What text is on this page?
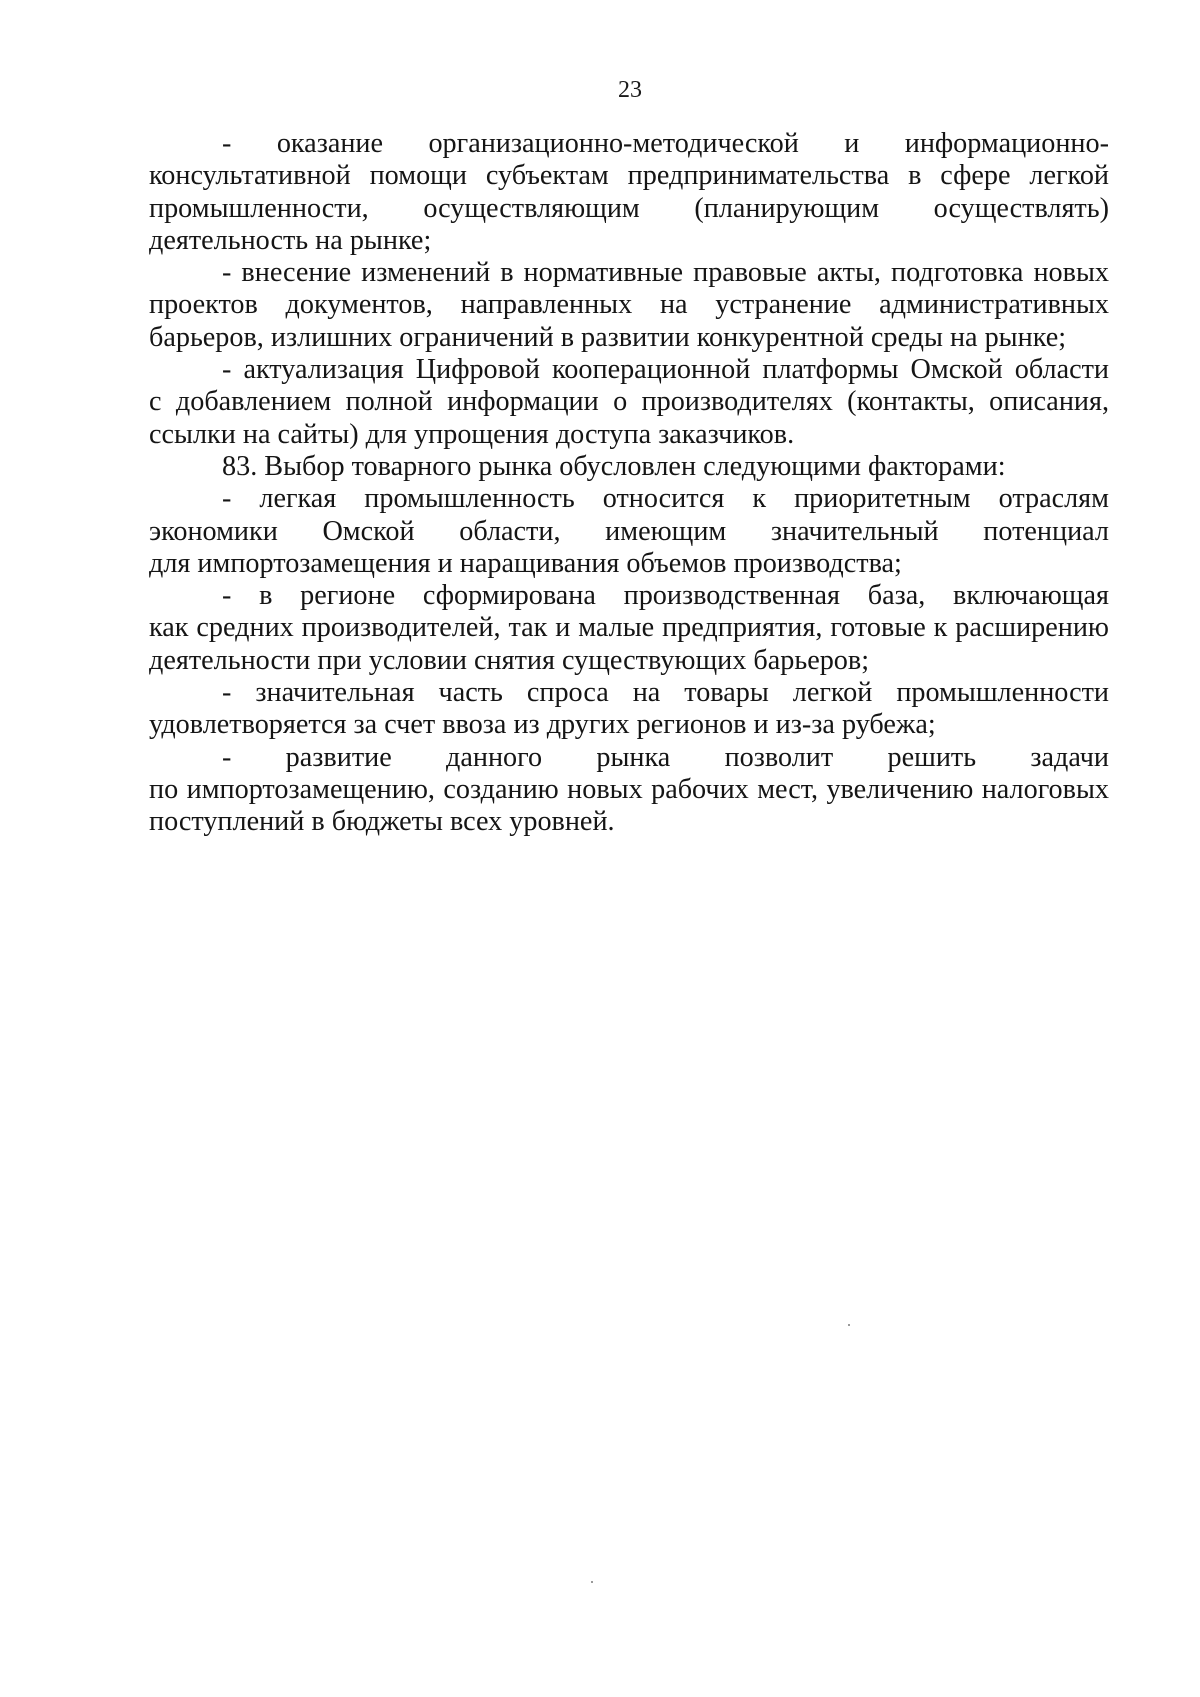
23

- оказание организационно-методической и информационно-
консультативной помощи субъектам предпринимательства в сфере легкой
промышленности, осуществляющим (планирующим осуществлять)
деятельность на рынке;

- внесение изменений в нормативные правовые акты, подготовка новых
проектов документов, направленных на устранение административных
барьеров, излишних ограничений в развитии конкурентной среды на рынке;

- актуализация Цифровой кооперационной платформы Омской области
с добавлением полной информации о производителях (контакты, описания,
ссылки на сайты) для упрощения доступа заказчиков.

83. Выбор товарного рынка обусловлен следующими факторами:

- легкая промышленность относится к приоритетным отраслям
экономики Омской области, имеющим значительный потенциал
для импортозамещения и наращивания объемов производства;

- в регионе сформирована производственная база, включающая
как средних производителей, так и малые предприятия, готовые к расширению
деятельности при условии снятия существующих барьеров;

- значительная часть спроса на товары легкой промышленности
удовлетворяется за счет ввоза из других регионов и из-за рубежа;

- развитие данного рынка позволит решить задачи
по импортозамещению, созданию новых рабочих мест, увеличению налоговых
поступлений в бюджеты всех уровней.
